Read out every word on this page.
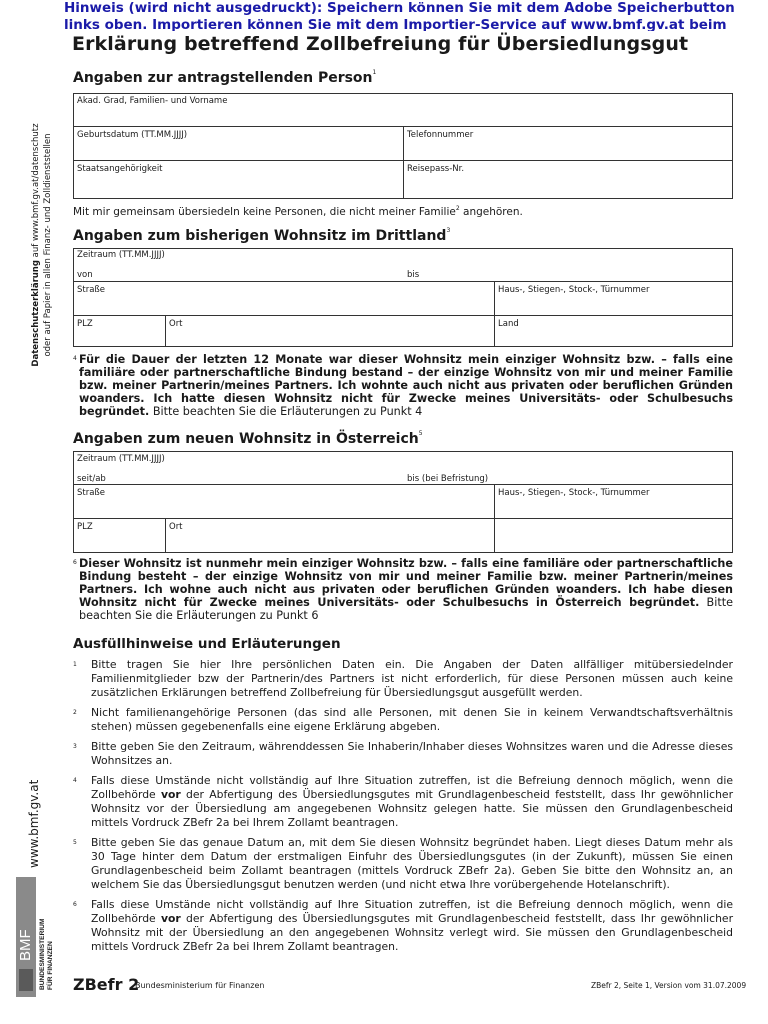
Hinweis (wird nicht ausgedruckt): Speichern können Sie mit dem Adobe Speicherbutton
links oben. Importieren können Sie mit dem Importier-Service auf www.bmf.gv.at beim
Erklärung betreffend Zollbefreiung für Übersiedlungsgut
Angaben zur antragstellenden Person$^1$
Akad. Grad, Familien- und Vorname
Geburtsdatum (TT.MM.JJJJ)	Telefonnummer
Staatsangehörigkeit	Reisepass-Nr.
Mit mir gemeinsam übersiedeln keine Personen, die nicht meiner Familie$^2$ angehören.
Angaben zum bisherigen Wohnsitz im Drittland$^3$
Zeitraum (TT.MM.JJJJ)
von	bis
Straße	Haus-, Stiegen-, Stock-, Türnummer
PLZ	Ort	Land
4 Für die Dauer der letzten 12 Monate war dieser Wohnsitz mein einziger Wohnsitz bzw. – falls eine familiäre oder partnerschaftliche Bindung bestand – der einzige Wohnsitz von mir und meiner Familie bzw. meiner Partnerin/meines Partners. Ich wohnte auch nicht aus privaten oder beruflichen Gründen woanders. Ich hatte diesen Wohnsitz nicht für Zwecke meines Universitäts- oder Schulbesuchs begründet. Bitte beachten Sie die Erläuterungen zu Punkt 4
Angaben zum neuen Wohnsitz in Österreich$^5$
Zeitraum (TT.MM.JJJJ)
seit/ab	bis (bei Befristung)
Straße	Haus-, Stiegen-, Stock-, Türnummer
PLZ	Ort
6 Dieser Wohnsitz ist nunmehr mein einziger Wohnsitz bzw. – falls eine familiäre oder partnerschaftliche Bindung besteht – der einzige Wohnsitz von mir und meiner Familie bzw. meiner Partnerin/meines Partners. Ich wohne auch nicht aus privaten oder beruflichen Gründen woanders. Ich habe diesen Wohnsitz nicht für Zwecke meines Universitäts- oder Schulbesuchs in Österreich begründet. Bitte beachten Sie die Erläuterungen zu Punkt 6
Ausfüllhinweise und Erläuterungen
1 Bitte tragen Sie hier Ihre persönlichen Daten ein. Die Angaben der Daten allfälliger mitübersiedelnder Familienmitglieder bzw der Partnerin/des Partners ist nicht erforderlich, für diese Personen müssen auch keine zusätzlichen Erklärungen betreffend Zollbefreiung für Übersiedlungsgut ausgefüllt werden.
2 Nicht familienangehörige Personen (das sind alle Personen, mit denen Sie in keinem Verwandtschaftsverhältnis stehen) müssen gegebenenfalls eine eigene Erklärung abgeben.
3 Bitte geben Sie den Zeitraum, währenddessen Sie Inhaberin/Inhaber dieses Wohnsitzes waren und die Adresse dieses Wohnsitzes an.
4 Falls diese Umstände nicht vollständig auf Ihre Situation zutreffen, ist die Befreiung dennoch möglich, wenn die Zollbehörde vor der Abfertigung des Übersiedlungsgutes mit Grundlagenbescheid feststellt, dass Ihr gewöhnlicher Wohnsitz vor der Übersiedlung am angegebenen Wohnsitz gelegen hatte. Sie müssen den Grundlagenbescheid mittels Vordruck ZBefr 2a bei Ihrem Zollamt beantragen.
5 Bitte geben Sie das genaue Datum an, mit dem Sie diesen Wohnsitz begründet haben. Liegt dieses Datum mehr als 30 Tage hinter dem Datum der erstmaligen Einfuhr des Übersiedlungsgutes (in der Zukunft), müssen Sie einen Grundlagenbescheid beim Zollamt beantragen (mittels Vordruck ZBefr 2a). Geben Sie bitte den Wohnsitz an, an welchem Sie das Übersiedlungsgut benutzen werden (und nicht etwa Ihre vorübergehende Hotelanschrift).
6 Falls diese Umstände nicht vollständig auf Ihre Situation zutreffen, ist die Befreiung dennoch möglich, wenn die Zollbehörde vor der Abfertigung des Übersiedlungsgutes mit Grundlagenbescheid feststellt, dass Ihr gewöhnlicher Wohnsitz mit der Übersiedlung an den angegebenen Wohnsitz verlegt wird. Sie müssen den Grundlagenbescheid mittels Vordruck ZBefr 2a bei Ihrem Zollamt beantragen.
Datenschutzerklärung auf www.bmf.gv.at/datenschutz oder auf Papier in allen Finanz- und Zolldienststellen
www.bmf.gv.at
BMF BUNDESMINISTERIUM FÜR FINANZEN ZBefr 2
Bundesministerium für Finanzen	ZBefr 2, Seite 1, Version vom 31.07.2009
